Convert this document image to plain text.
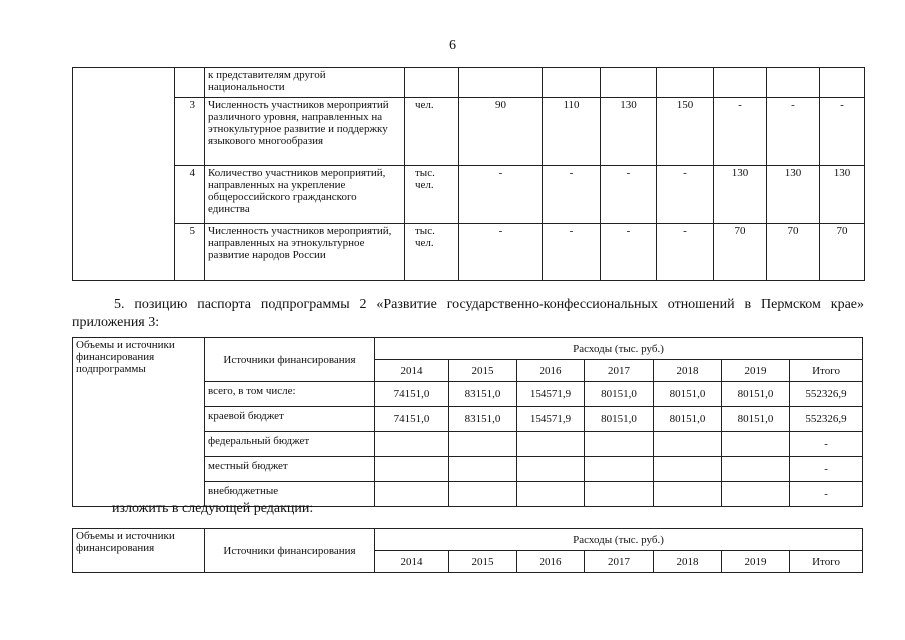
6
		к представителям другой национальности								
	3	Численность участников мероприятий различного уровня, направленных на этнокультурное развитие и поддержку языкового многообразия	чел.	90	110	130	150	-	-	-
	4	Количество участников мероприятий, направленных на укрепление общероссийского гражданского единства	тыс. чел.	-	-	-	-	130	130	130
	5	Численность участников мероприятий, направленных на этнокультурное развитие народов России	тыс. чел.	-	-	-	-	70	70	70
5. позицию паспорта подпрограммы 2 «Развитие государственно-конфессиональных отношений в Пермском крае» приложения 3:
Объемы и источники финансирования подпрограммы	Источники финансирования	Расходы (тыс. руб.)						
		2014	2015	2016	2017	2018	2019	Итого
	всего, в том числе:	74151,0	83151,0	154571,9	80151,0	80151,0	80151,0	552326,9
	краевой бюджет	74151,0	83151,0	154571,9	80151,0	80151,0	80151,0	552326,9
	федеральный бюджет							-
	местный бюджет							-
	внебюджетные							-
изложить в следующей редакции:
Объемы и источники финансирования	Источники финансирования	Расходы (тыс. руб.)						
		2014	2015	2016	2017	2018	2019	Итого
